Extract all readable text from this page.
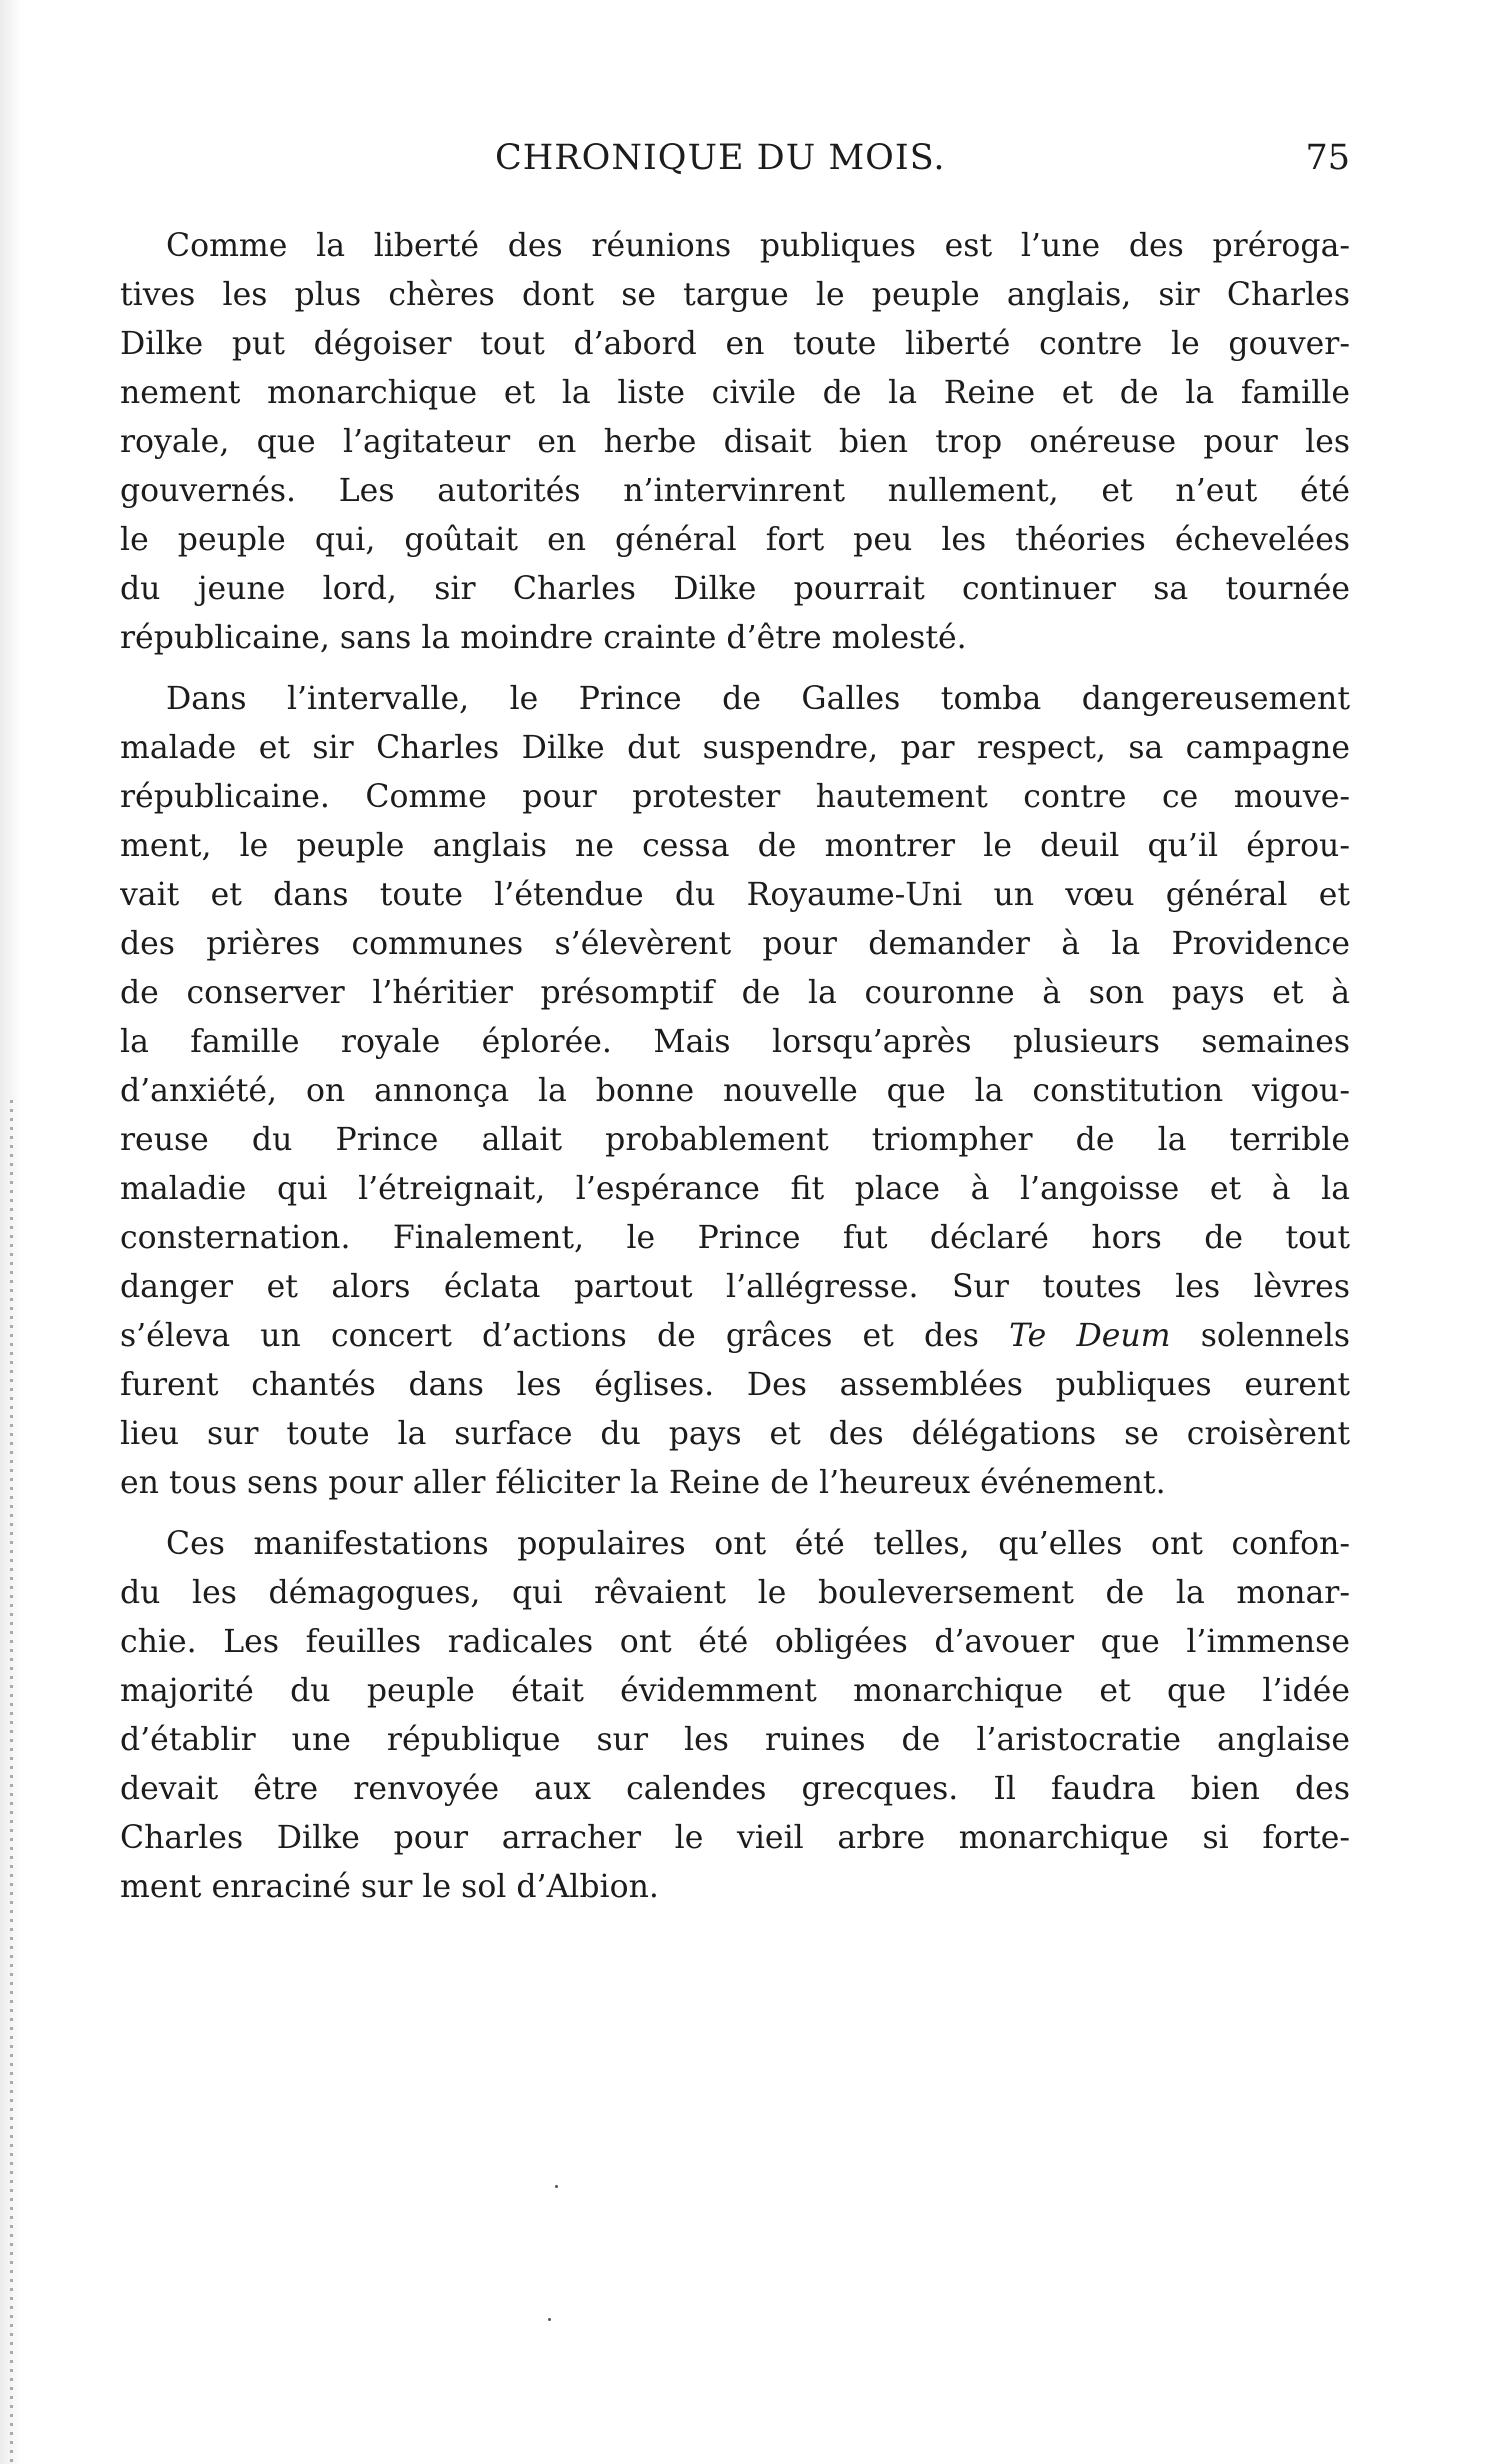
CHRONIQUE DU MOIS.	75

Comme la liberté des réunions publiques est l’une des préroga-
tives les plus chères dont se targue le peuple anglais, sir Charles
Dilke put dégoiser tout d’abord en toute liberté contre le gouver-
nement monarchique et la liste civile de la Reine et de la famille
royale, que l’agitateur en herbe disait bien trop onéreuse pour les
gouvernés. Les autorités n’intervinrent nullement, et n’eut été
le peuple qui, goûtait en général fort peu les théories échevelées
du jeune lord, sir Charles Dilke pourrait continuer sa tournée
républicaine, sans la moindre crainte d’être molesté.

Dans l’intervalle, le Prince de Galles tomba dangereusement
malade et sir Charles Dilke dut suspendre, par respect, sa campagne
républicaine. Comme pour protester hautement contre ce mouve-
ment, le peuple anglais ne cessa de montrer le deuil qu’il éprou-
vait et dans toute l’étendue du Royaume-Uni un vœu général et
des prières communes s’élevèrent pour demander à la Providence
de conserver l’héritier présomptif de la couronne à son pays et à
la famille royale éplorée. Mais lorsqu’après plusieurs semaines
d’anxiété, on annonça la bonne nouvelle que la constitution vigou-
reuse du Prince allait probablement triompher de la terrible
maladie qui l’étreignait, l’espérance fit place à l’angoisse et à la
consternation. Finalement, le Prince fut déclaré hors de tout
danger et alors éclata partout l’allégresse. Sur toutes les lèvres
s’éleva un concert d’actions de grâces et des Te Deum solennels
furent chantés dans les églises. Des assemblées publiques eurent
lieu sur toute la surface du pays et des délégations se croisèrent
en tous sens pour aller féliciter la Reine de l’heureux événement.

Ces manifestations populaires ont été telles, qu’elles ont confon-
du les démagogues, qui rêvaient le bouleversement de la monar-
chie. Les feuilles radicales ont été obligées d’avouer que l’immense
majorité du peuple était évidemment monarchique et que l’idée
d’établir une république sur les ruines de l’aristocratie anglaise
devait être renvoyée aux calendes grecques. Il faudra bien des
Charles Dilke pour arracher le vieil arbre monarchique si forte-
ment enraciné sur le sol d’Albion.
